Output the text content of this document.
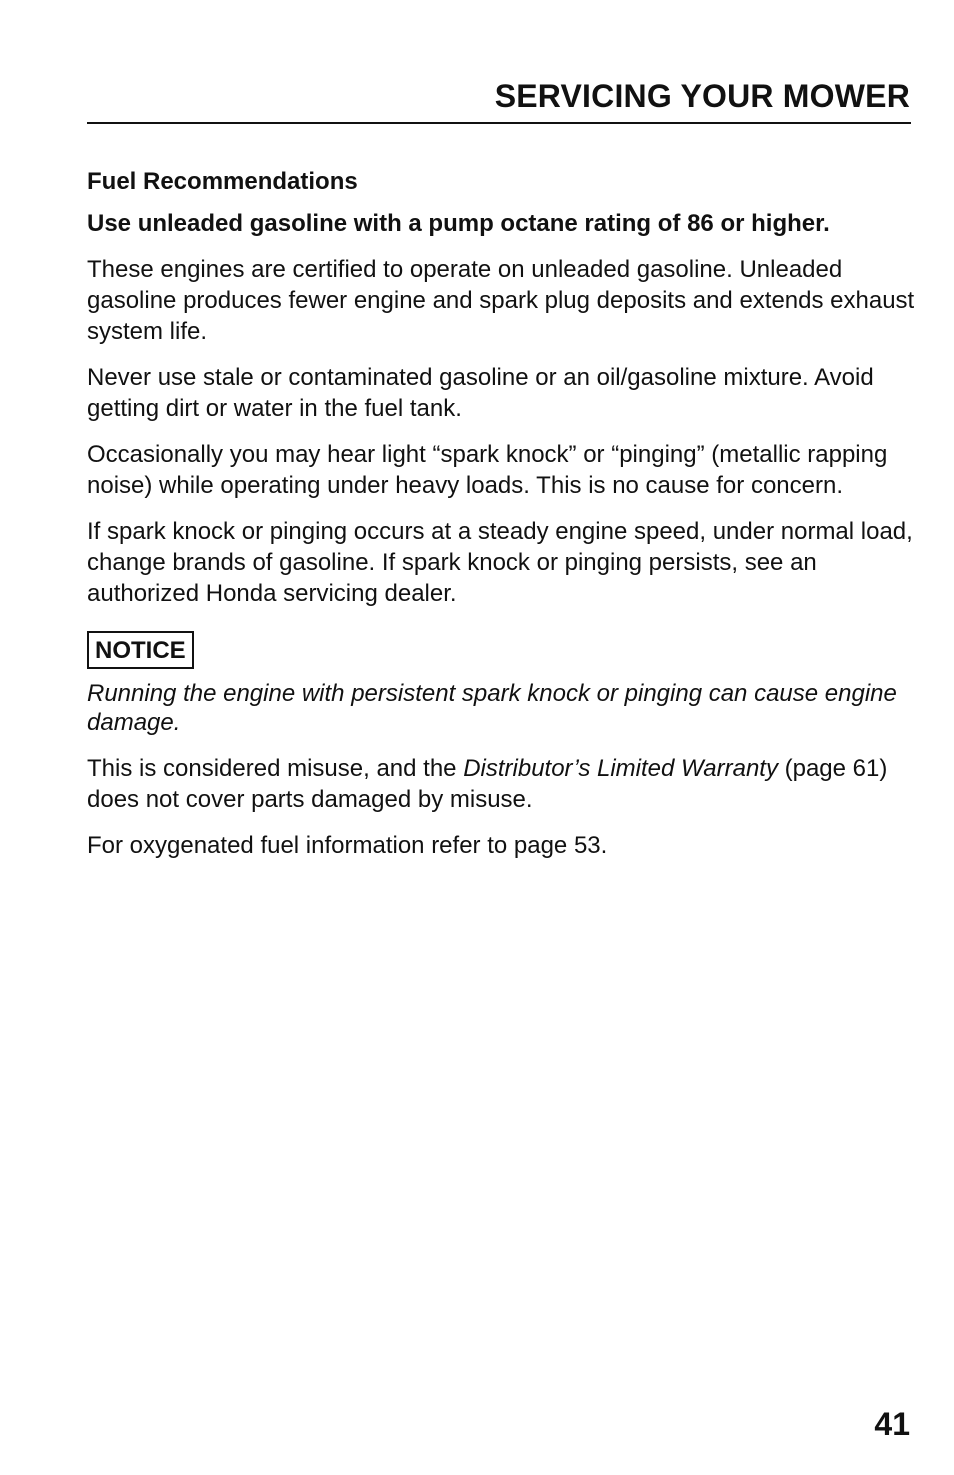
SERVICING YOUR MOWER
Fuel Recommendations
Use unleaded gasoline with a pump octane rating of 86 or higher.

These engines are certified to operate on unleaded gasoline. Unleaded gasoline produces fewer engine and spark plug deposits and extends exhaust system life.

Never use stale or contaminated gasoline or an oil/gasoline mixture. Avoid getting dirt or water in the fuel tank.

Occasionally you may hear light “spark knock” or “pinging” (metallic rapping noise) while operating under heavy loads. This is no cause for concern.

If spark knock or pinging occurs at a steady engine speed, under normal load, change brands of gasoline. If spark knock or pinging persists, see an authorized Honda servicing dealer.

NOTICE

Running the engine with persistent spark knock or pinging can cause engine damage.

This is considered misuse, and the Distributor’s Limited Warranty (page 61) does not cover parts damaged by misuse.

For oxygenated fuel information refer to page 53.

41
